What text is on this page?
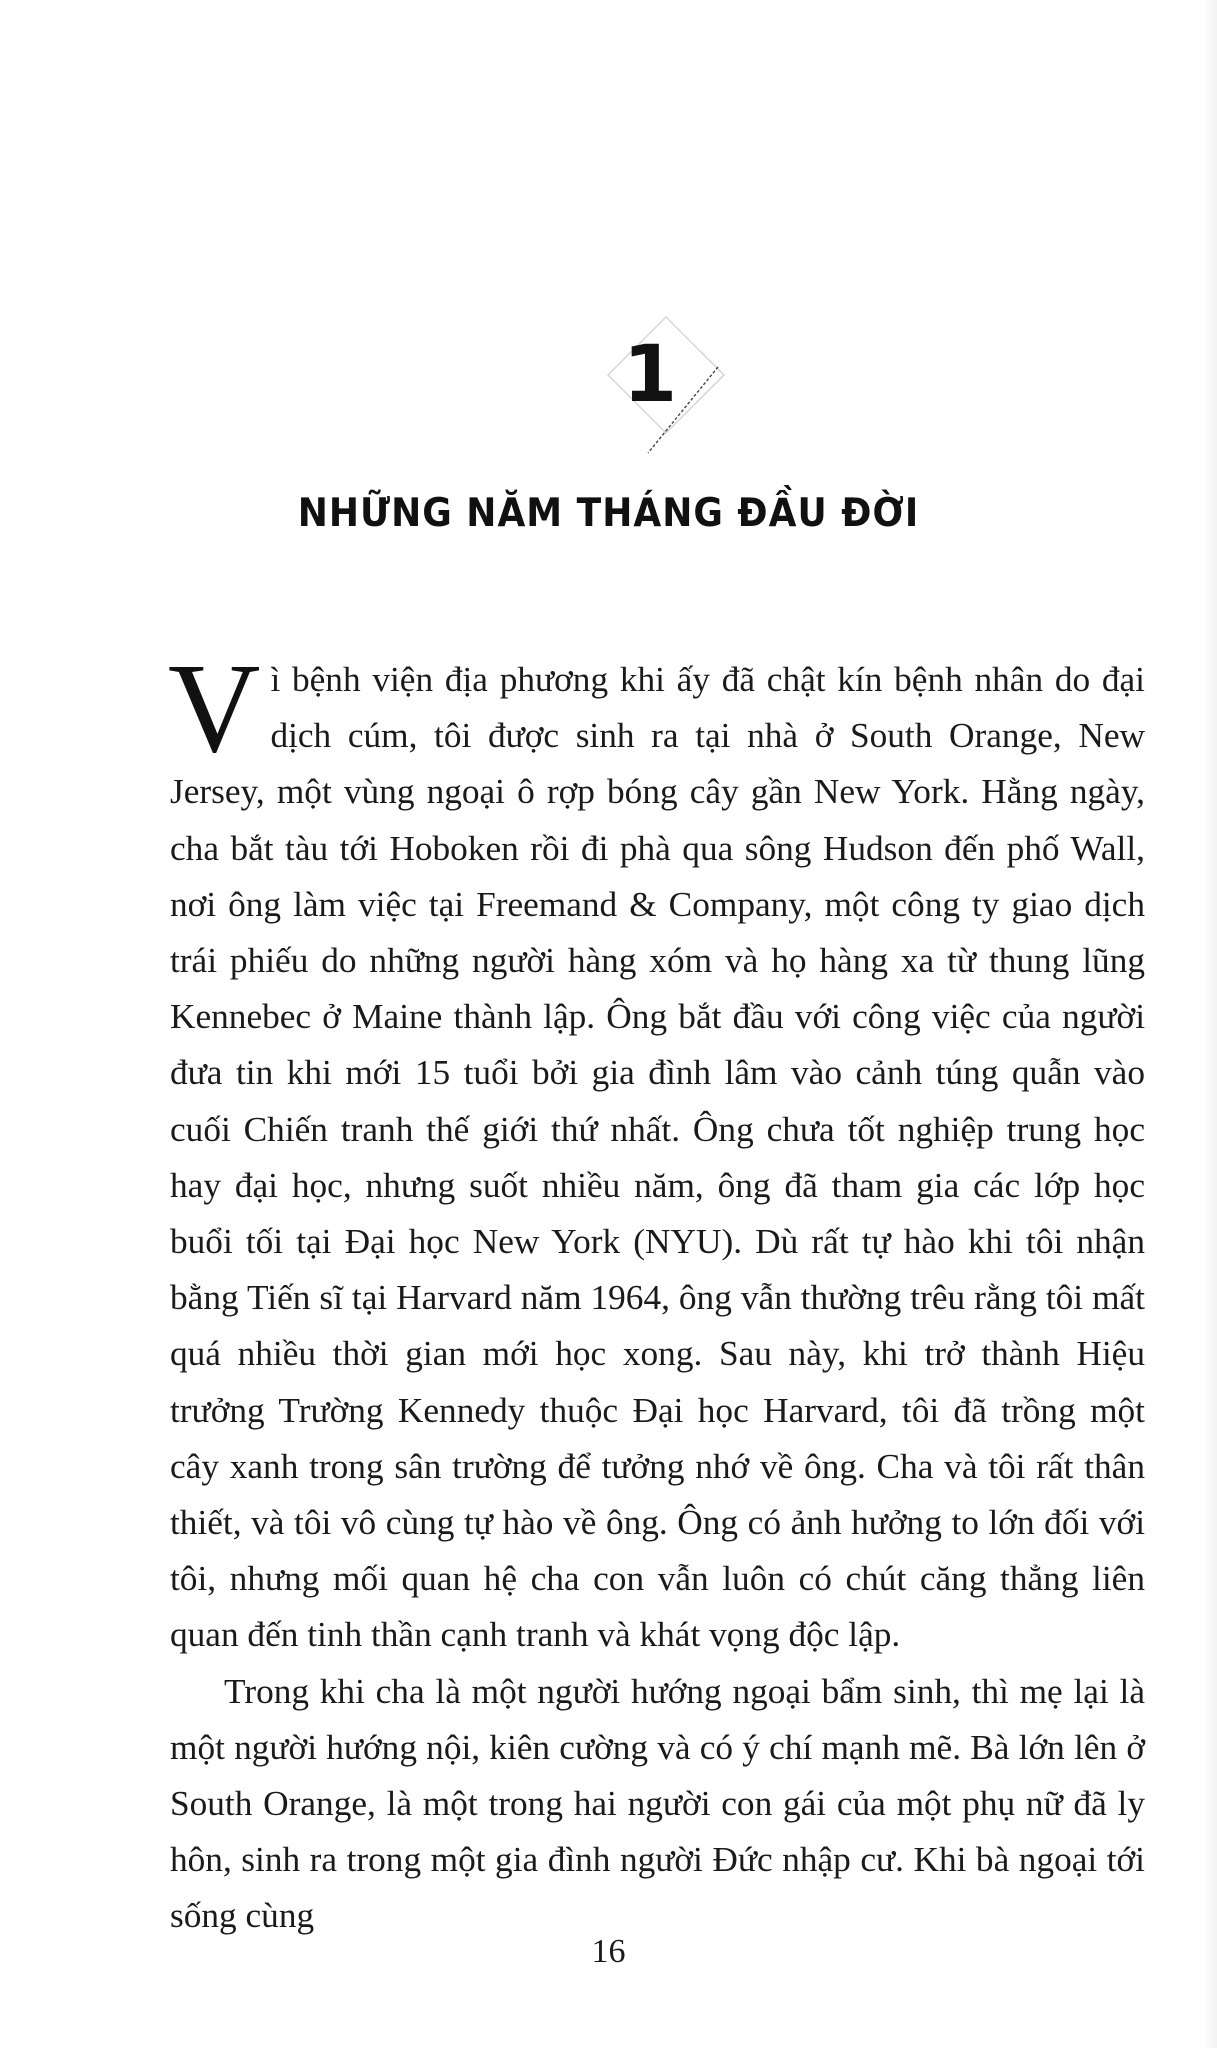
1
NHỮNG NĂM THÁNG ĐẦU ĐỜI

Vì bệnh viện địa phương khi ấy đã chật kín bệnh nhân do đại dịch cúm, tôi được sinh ra tại nhà ở South Orange, New Jersey, một vùng ngoại ô rợp bóng cây gần New York. Hằng ngày, cha bắt tàu tới Hoboken rồi đi phà qua sông Hudson đến phố Wall, nơi ông làm việc tại Freemand & Company, một công ty giao dịch trái phiếu do những người hàng xóm và họ hàng xa từ thung lũng Kennebec ở Maine thành lập. Ông bắt đầu với công việc của người đưa tin khi mới 15 tuổi bởi gia đình lâm vào cảnh túng quẫn vào cuối Chiến tranh thế giới thứ nhất. Ông chưa tốt nghiệp trung học hay đại học, nhưng suốt nhiều năm, ông đã tham gia các lớp học buổi tối tại Đại học New York (NYU). Dù rất tự hào khi tôi nhận bằng Tiến sĩ tại Harvard năm 1964, ông vẫn thường trêu rằng tôi mất quá nhiều thời gian mới học xong. Sau này, khi trở thành Hiệu trưởng Trường Kennedy thuộc Đại học Harvard, tôi đã trồng một cây xanh trong sân trường để tưởng nhớ về ông. Cha và tôi rất thân thiết, và tôi vô cùng tự hào về ông. Ông có ảnh hưởng to lớn đối với tôi, nhưng mối quan hệ cha con vẫn luôn có chút căng thẳng liên quan đến tinh thần cạnh tranh và khát vọng độc lập.

Trong khi cha là một người hướng ngoại bẩm sinh, thì mẹ lại là một người hướng nội, kiên cường và có ý chí mạnh mẽ. Bà lớn lên ở South Orange, là một trong hai người con gái của một phụ nữ đã ly hôn, sinh ra trong một gia đình người Đức nhập cư. Khi bà ngoại tới sống cùng

16
